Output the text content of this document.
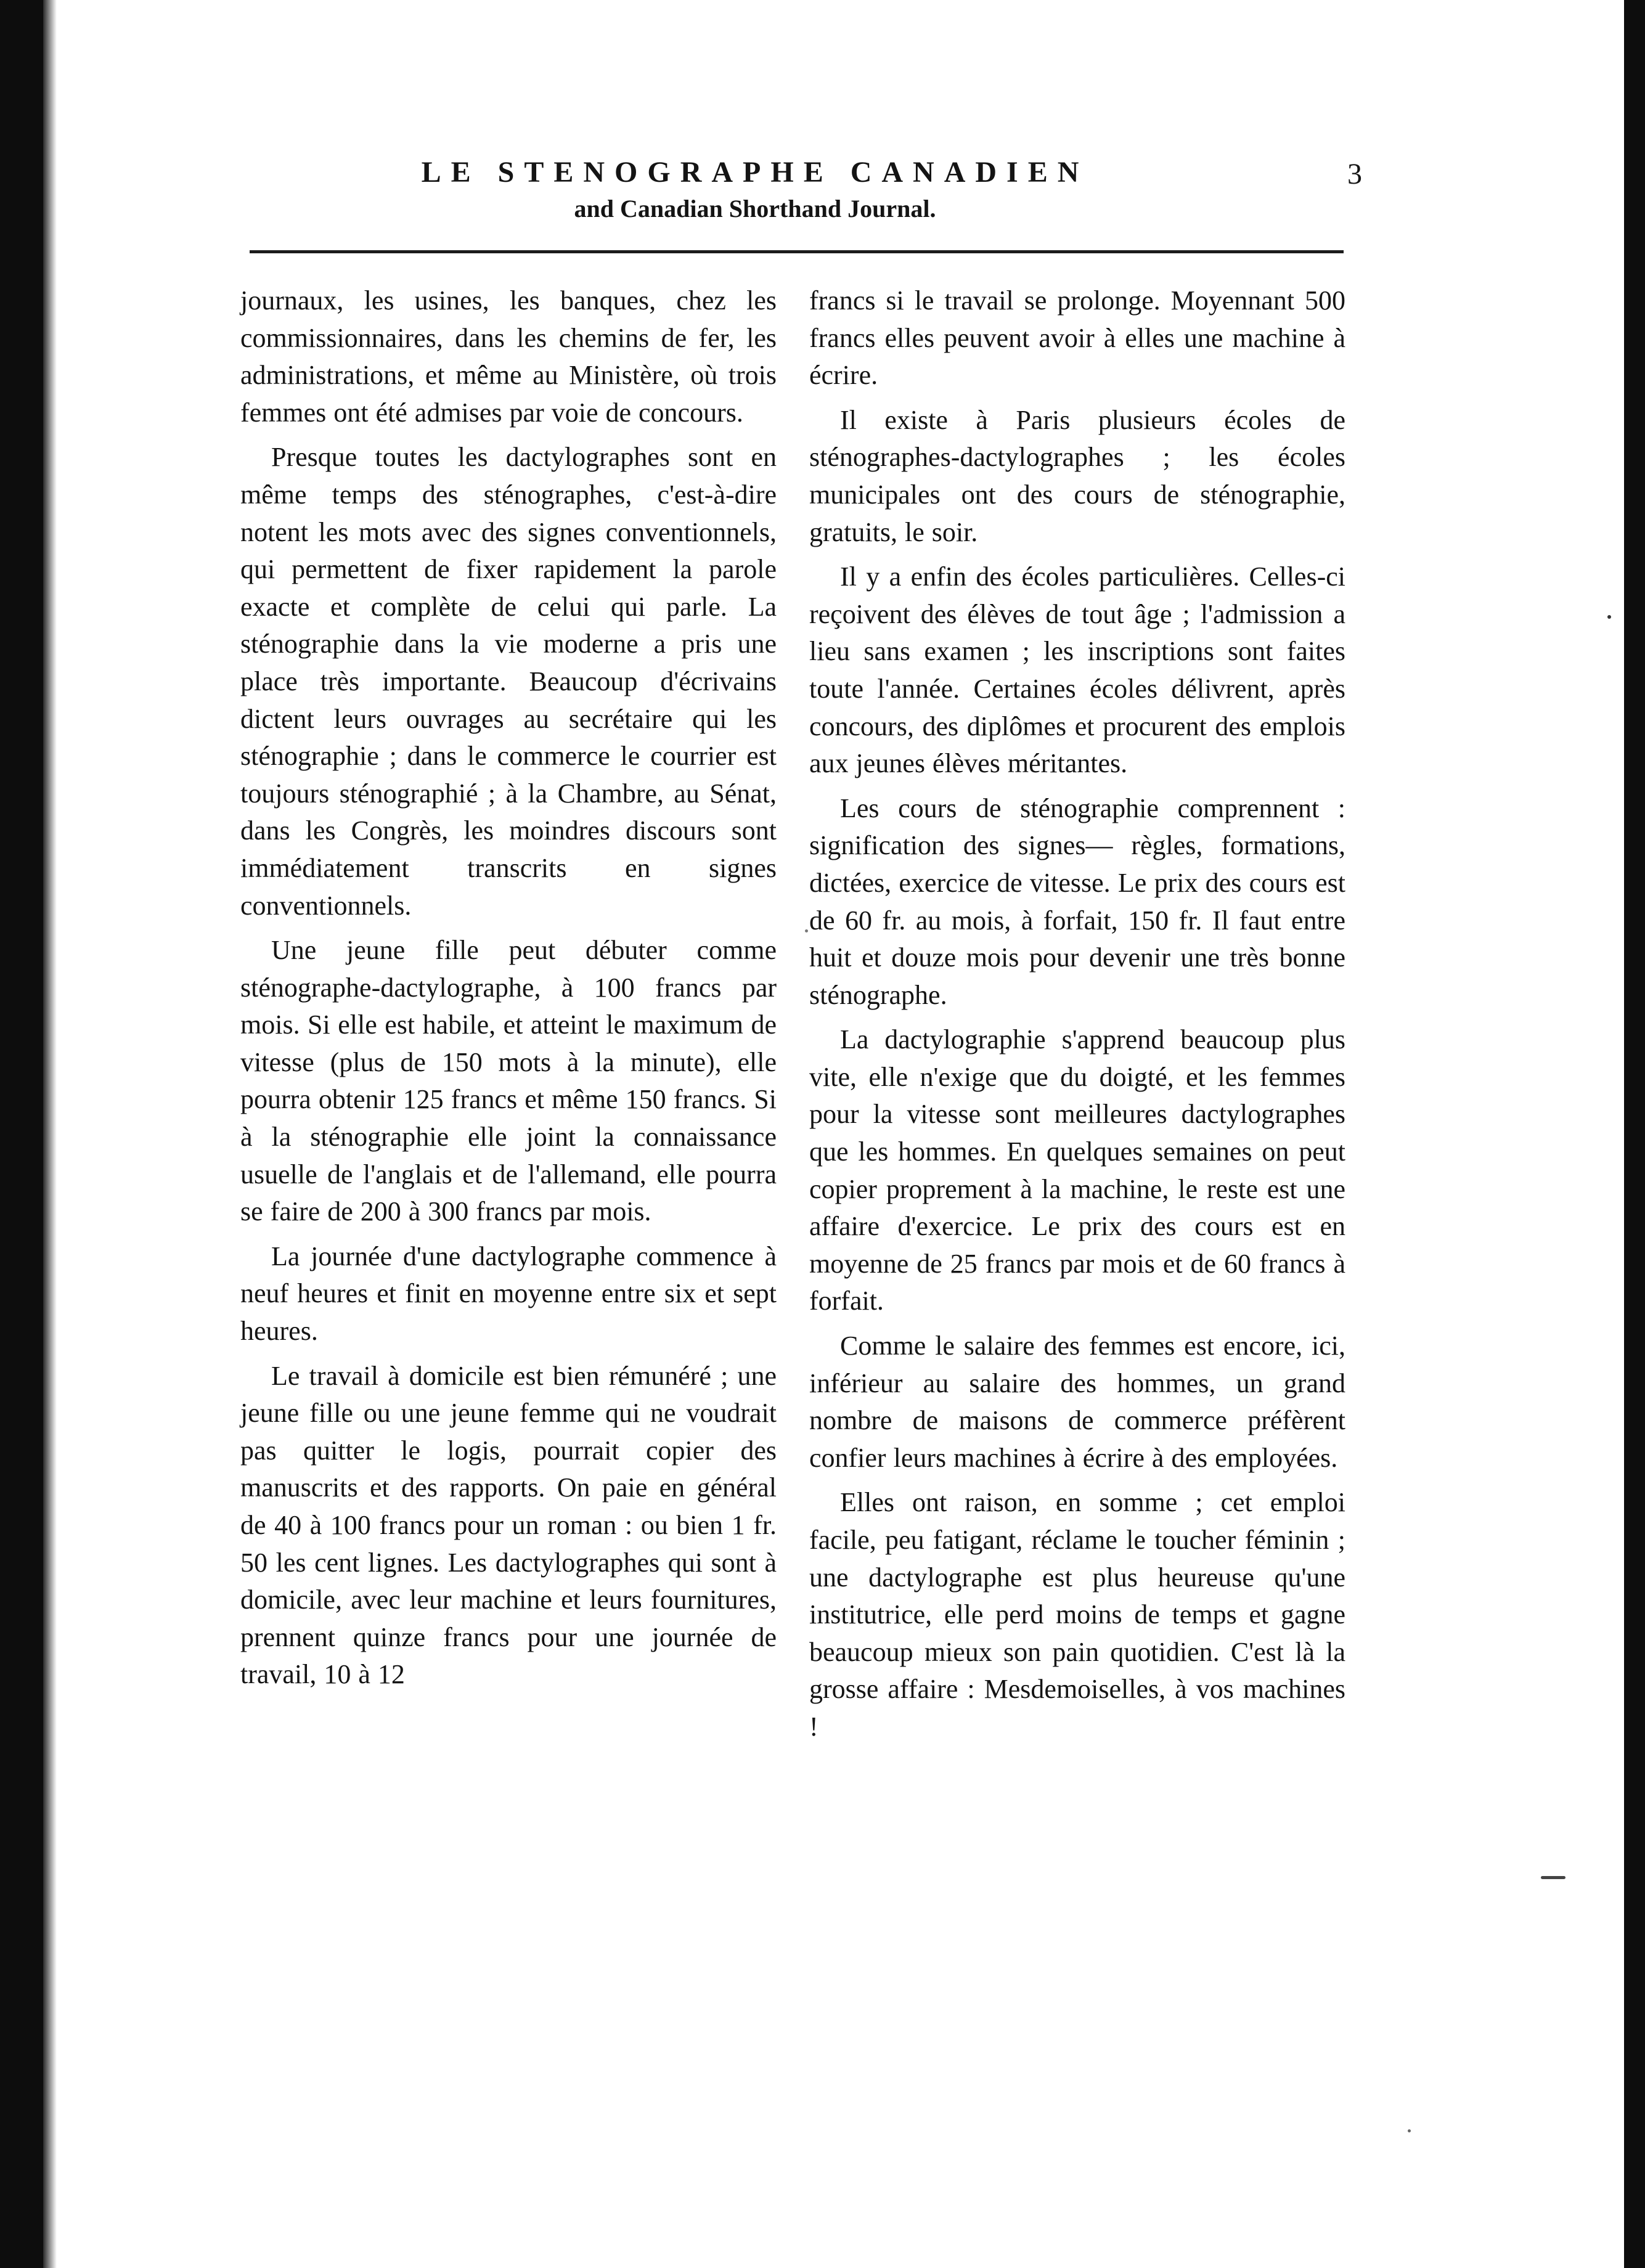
LE STENOGRAPHE CANADIEN
and Canadian Shorthand Journal.
3

journaux, les usines, les banques, chez les commissionnaires, dans les chemins de fer, les administrations, et même au Ministère, où trois femmes ont été admises par voie de concours.

Presque toutes les dactylographes sont en même temps des sténographes, c'est-à-dire notent les mots avec des signes conventionnels, qui permettent de fixer rapidement la parole exacte et complète de celui qui parle. La sténographie dans la vie moderne a pris une place très importante. Beaucoup d'écrivains dictent leurs ouvrages au secrétaire qui les sténographie ; dans le commerce le courrier est toujours sténographié ; à la Chambre, au Sénat, dans les Congrès, les moindres discours sont immédiatement transcrits en signes conventionnels.

Une jeune fille peut débuter comme sténographe-dactylographe, à 100 francs par mois. Si elle est habile, et atteint le maximum de vitesse (plus de 150 mots à la minute), elle pourra obtenir 125 francs et même 150 francs. Si à la sténographie elle joint la connaissance usuelle de l'anglais et de l'allemand, elle pourra se faire de 200 à 300 francs par mois.

La journée d'une dactylographe commence à neuf heures et finit en moyenne entre six et sept heures.

Le travail à domicile est bien rémunéré ; une jeune fille ou une jeune femme qui ne voudrait pas quitter le logis, pourrait copier des manuscrits et des rapports. On paie en général de 40 à 100 francs pour un roman : ou bien 1 fr. 50 les cent lignes. Les dactylographes qui sont à domicile, avec leur machine et leurs fournitures, prennent quinze francs pour une journée de travail, 10 à 12

francs si le travail se prolonge. Moyennant 500 francs elles peuvent avoir à elles une machine à écrire.

Il existe à Paris plusieurs écoles de sténographes-dactylographes ; les écoles municipales ont des cours de sténographie, gratuits, le soir.

Il y a enfin des écoles particulières. Celles-ci reçoivent des élèves de tout âge ; l'admission a lieu sans examen ; les inscriptions sont faites toute l'année. Certaines écoles délivrent, après concours, des diplômes et procurent des emplois aux jeunes élèves méritantes.

Les cours de sténographie comprennent : signification des signes— règles, formations, dictées, exercice de vitesse. Le prix des cours est de 60 fr. au mois, à forfait, 150 fr. Il faut entre huit et douze mois pour devenir une très bonne sténographe.

La dactylographie s'apprend beaucoup plus vite, elle n'exige que du doigté, et les femmes pour la vitesse sont meilleures dactylographes que les hommes. En quelques semaines on peut copier proprement à la machine, le reste est une affaire d'exercice. Le prix des cours est en moyenne de 25 francs par mois et de 60 francs à forfait.

Comme le salaire des femmes est encore, ici, inférieur au salaire des hommes, un grand nombre de maisons de commerce préfèrent confier leurs machines à écrire à des employées.

Elles ont raison, en somme ; cet emploi facile, peu fatigant, réclame le toucher féminin ; une dactylographe est plus heureuse qu'une institutrice, elle perd moins de temps et gagne beaucoup mieux son pain quotidien. C'est là la grosse affaire : Mesdemoiselles, à vos machines !
